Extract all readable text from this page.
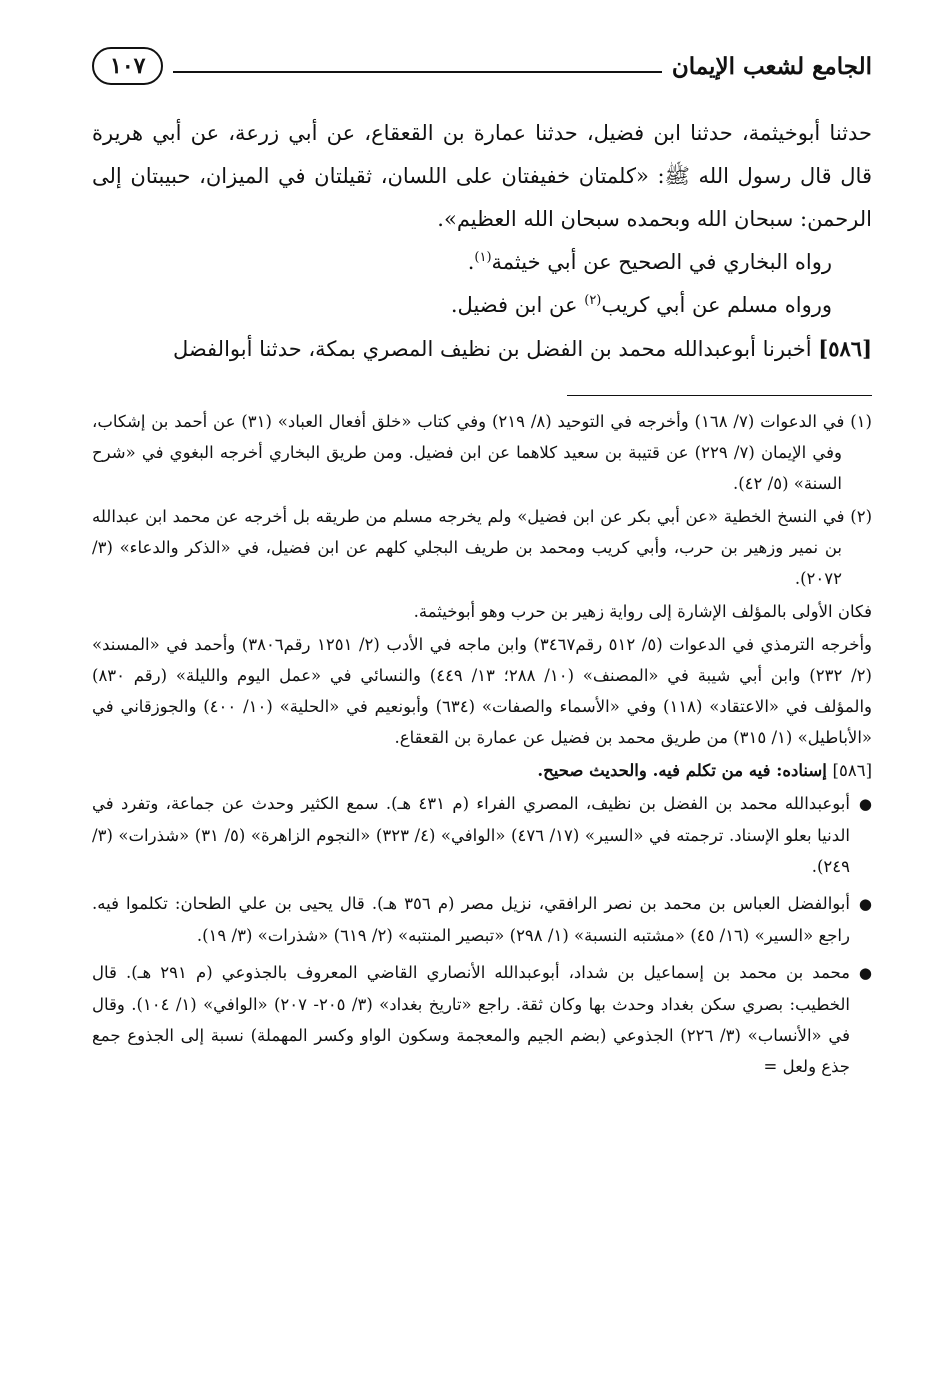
الجامع لشعب الإيمان
١٠٧

حدثنا أبوخيثمة، حدثنا ابن فضيل، حدثنا عمارة بن القعقاع، عن أبي زرعة، عن أبي هريرة قال قال رسول الله ﷺ: «كلمتان خفيفتان على اللسان، ثقيلتان في الميزان، حبيبتان إلى الرحمن: سبحان الله وبحمده سبحان الله العظيم».

رواه البخاري في الصحيح عن أبي خيثمة$^{(١)}$.

ورواه مسلم عن أبي كريب$^{(٢)}$ عن ابن فضيل.

[٥٨٦] أخبرنا أبوعبدالله محمد بن الفضل بن نظيف المصري بمكة، حدثنا أبوالفضل

(١) في الدعوات (٧/ ١٦٨) وأخرجه في التوحيد (٨/ ٢١٩) وفي كتاب «خلق أفعال العباد» (٣١) عن أحمد بن إشكاب، وفي الإيمان (٧/ ٢٢٩) عن قتيبة بن سعيد كلاهما عن ابن فضيل. ومن طريق البخاري أخرجه البغوي في «شرح السنة» (٥/ ٤٢).

(٢) في النسخ الخطية «عن أبي بكر عن ابن فضيل» ولم يخرجه مسلم من طريقه بل أخرجه عن محمد ابن عبدالله بن نمير وزهير بن حرب، وأبي كريب ومحمد بن طريف البجلي كلهم عن ابن فضيل، في «الذكر والدعاء» (٣/ ٢٠٧٢).

فكان الأولى بالمؤلف الإشارة إلى رواية زهير بن حرب وهو أبوخيثمة.

وأخرجه الترمذي في الدعوات (٥/ ٥١٢ رقم٣٤٦٧) وابن ماجه في الأدب (٢/ ١٢٥١ رقم٣٨٠٦) وأحمد في «المسند» (٢/ ٢٣٢) وابن أبي شيبة في «المصنف» (١٠/ ٢٨٨؛ ١٣/ ٤٤٩) والنسائي في «عمل اليوم والليلة» (رقم ٨٣٠) والمؤلف في «الاعتقاد» (١١٨) وفي «الأسماء والصفات» (٦٣٤) وأبونعيم في «الحلية» (١٠/ ٤٠٠) والجوزقاني في «الأباطيل» (١/ ٣١٥) من طريق محمد بن فضيل عن عمارة بن القعقاع.

[٥٨٦] إسناده: فيه من تكلم فيه. والحديث صحيح.

●أبوعبدالله محمد بن الفضل بن نظيف، المصري الفراء (م ٤٣١ هـ). سمع الكثير وحدث عن جماعة، وتفرد في الدنيا بعلو الإسناد. ترجمته في «السير» (١٧/ ٤٧٦) «الوافي» (٤/ ٣٢٣) «النجوم الزاهرة» (٥/ ٣١) «شذرات» (٣/ ٢٤٩).

●أبوالفضل العباس بن محمد بن نصر الرافقي، نزيل مصر (م ٣٥٦ هـ). قال يحيى بن علي الطحان: تكلموا فيه. راجع «السير» (١٦/ ٤٥) «مشتبه النسبة» (١/ ٢٩٨) «تبصير المنتبه» (٢/ ٦١٩) «شذرات» (٣/ ١٩).

●محمد بن محمد بن إسماعيل بن شداد، أبوعبدالله الأنصاري القاضي المعروف بالجذوعي (م ٢٩١ هـ). قال الخطيب: بصري سكن بغداد وحدث بها وكان ثقة. راجع «تاريخ بغداد» (٣/ ٢٠٥- ٢٠٧) «الوافي» (١/ ١٠٤). وقال في «الأنساب» (٣/ ٢٢٦) الجذوعي (بضم الجيم والمعجمة وسكون الواو وكسر المهملة) نسبة إلى الجذوع جمع جذع ولعل =
